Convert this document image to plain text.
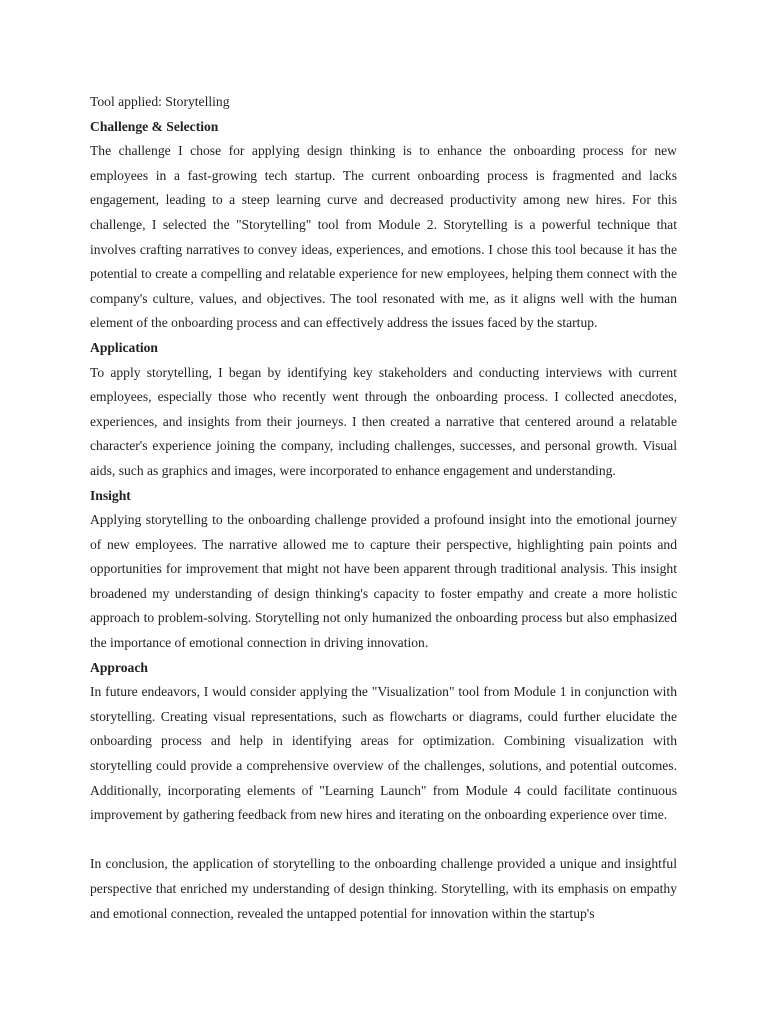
Tool applied: Storytelling

Challenge & Selection

The challenge I chose for applying design thinking is to enhance the onboarding process for new employees in a fast-growing tech startup. The current onboarding process is fragmented and lacks engagement, leading to a steep learning curve and decreased productivity among new hires. For this challenge, I selected the "Storytelling" tool from Module 2. Storytelling is a powerful technique that involves crafting narratives to convey ideas, experiences, and emotions. I chose this tool because it has the potential to create a compelling and relatable experience for new employees, helping them connect with the company's culture, values, and objectives. The tool resonated with me, as it aligns well with the human element of the onboarding process and can effectively address the issues faced by the startup.

Application

To apply storytelling, I began by identifying key stakeholders and conducting interviews with current employees, especially those who recently went through the onboarding process. I collected anecdotes, experiences, and insights from their journeys. I then created a narrative that centered around a relatable character's experience joining the company, including challenges, successes, and personal growth. Visual aids, such as graphics and images, were incorporated to enhance engagement and understanding.

Insight

Applying storytelling to the onboarding challenge provided a profound insight into the emotional journey of new employees. The narrative allowed me to capture their perspective, highlighting pain points and opportunities for improvement that might not have been apparent through traditional analysis. This insight broadened my understanding of design thinking's capacity to foster empathy and create a more holistic approach to problem-solving. Storytelling not only humanized the onboarding process but also emphasized the importance of emotional connection in driving innovation.

Approach

In future endeavors, I would consider applying the "Visualization" tool from Module 1 in conjunction with storytelling. Creating visual representations, such as flowcharts or diagrams, could further elucidate the onboarding process and help in identifying areas for optimization. Combining visualization with storytelling could provide a comprehensive overview of the challenges, solutions, and potential outcomes. Additionally, incorporating elements of "Learning Launch" from Module 4 could facilitate continuous improvement by gathering feedback from new hires and iterating on the onboarding experience over time.

In conclusion, the application of storytelling to the onboarding challenge provided a unique and insightful perspective that enriched my understanding of design thinking. Storytelling, with its emphasis on empathy and emotional connection, revealed the untapped potential for innovation within the startup's
